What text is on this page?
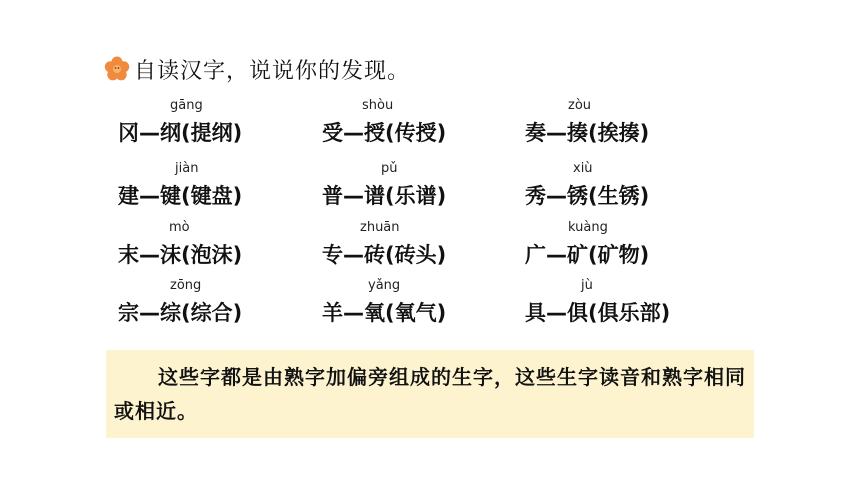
自读汉字，说说你的发现。
gāng
冈—纲(提纲)
shòu
受—授(传授)
zòu
奏—揍(挨揍)
jiàn
建—键(键盘)
pǔ
普—谱(乐谱)
xiù
秀—锈(生锈)
mò
末—沫(泡沫)
zhuān
专—砖(砖头)
kuàng
广—矿(矿物)
zōng
宗—综(综合)
yǎng
羊—氧(氧气)
jù
具—俱(俱乐部)
这些字都是由熟字加偏旁组成的生字，这些生字读音和熟字相同或相近。
